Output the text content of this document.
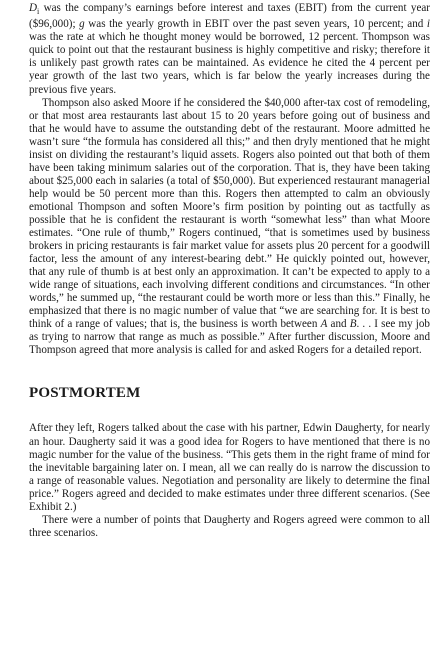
$D_i$ was the company’s earnings before interest and taxes (EBIT) from the current year ($96,000); g was the yearly growth in EBIT over the past seven years, 10 percent; and i was the rate at which he thought money would be borrowed, 12 percent. Thompson was quick to point out that the restaurant business is highly competitive and risky; therefore it is unlikely past growth rates can be maintained. As evidence he cited the 4 percent per year growth of the last two years, which is far below the yearly increases during the previous five years.

Thompson also asked Moore if he considered the $40,000 after-tax cost of remodeling, or that most area restaurants last about 15 to 20 years before going out of business and that he would have to assume the outstanding debt of the restaurant. Moore admitted he wasn’t sure “the formula has considered all this;” and then dryly mentioned that he might insist on dividing the restaurant’s liquid assets. Rogers also pointed out that both of them have been taking minimum salaries out of the corporation. That is, they have been taking about $25,000 each in salaries (a total of $50,000). But experienced restaurant managerial help would be 50 percent more than this. Rogers then attempted to calm an obviously emotional Thompson and soften Moore’s firm position by pointing out as tactfully as possible that he is confident the restaurant is worth “somewhat less” than what Moore estimates. “One rule of thumb,” Rogers continued, “that is sometimes used by business brokers in pricing restaurants is fair market value for assets plus 20 percent for a goodwill factor, less the amount of any interest-bearing debt.” He quickly pointed out, however, that any rule of thumb is at best only an approximation. It can’t be expected to apply to a wide range of situations, each involving different conditions and circumstances. “In other words,” he summed up, “the restaurant could be worth more or less than this.” Finally, he emphasized that there is no magic number of value that “we are searching for. It is best to think of a range of values; that is, the business is worth between A and B. . . I see my job as trying to narrow that range as much as possible.” After further discussion, Moore and Thompson agreed that more analysis is called for and asked Rogers for a detailed report.

POSTMORTEM

After they left, Rogers talked about the case with his partner, Edwin Daugherty, for nearly an hour. Daugherty said it was a good idea for Rogers to have mentioned that there is no magic number for the value of the business. “This gets them in the right frame of mind for the inevitable bargaining later on. I mean, all we can really do is narrow the discussion to a range of reasonable values. Negotiation and personality are likely to determine the final price.” Rogers agreed and decided to make estimates under three different scenarios. (See Exhibit 2.)

There were a number of points that Daugherty and Rogers agreed were common to all three scenarios.
